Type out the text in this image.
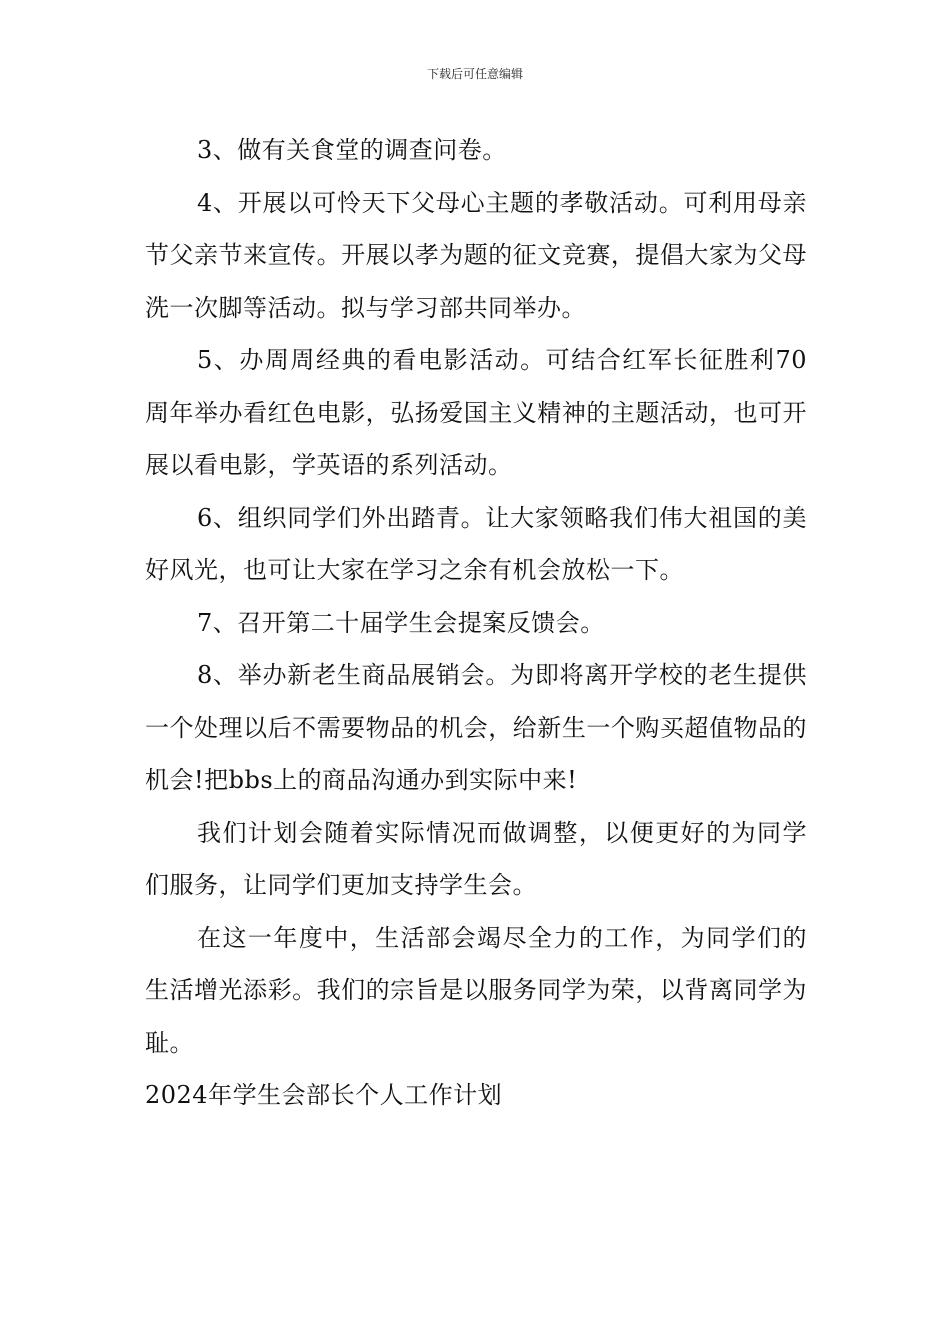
下载后可任意编辑

3、做有关食堂的调查问卷。

4、开展以可怜天下父母心主题的孝敬活动。可利用母亲节父亲节来宣传。开展以孝为题的征文竞赛，提倡大家为父母洗一次脚等活动。拟与学习部共同举办。

5、办周周经典的看电影活动。可结合红军长征胜利70周年举办看红色电影，弘扬爱国主义精神的主题活动，也可开展以看电影，学英语的系列活动。

6、组织同学们外出踏青。让大家领略我们伟大祖国的美好风光，也可让大家在学习之余有机会放松一下。

7、召开第二十届学生会提案反馈会。

8、举办新老生商品展销会。为即将离开学校的老生提供一个处理以后不需要物品的机会，给新生一个购买超值物品的机会!把bbs上的商品沟通办到实际中来!

我们计划会随着实际情况而做调整，以便更好的为同学们服务，让同学们更加支持学生会。

在这一年度中，生活部会竭尽全力的工作，为同学们的生活增光添彩。我们的宗旨是以服务同学为荣，以背离同学为耻。

2024年学生会部长个人工作计划
